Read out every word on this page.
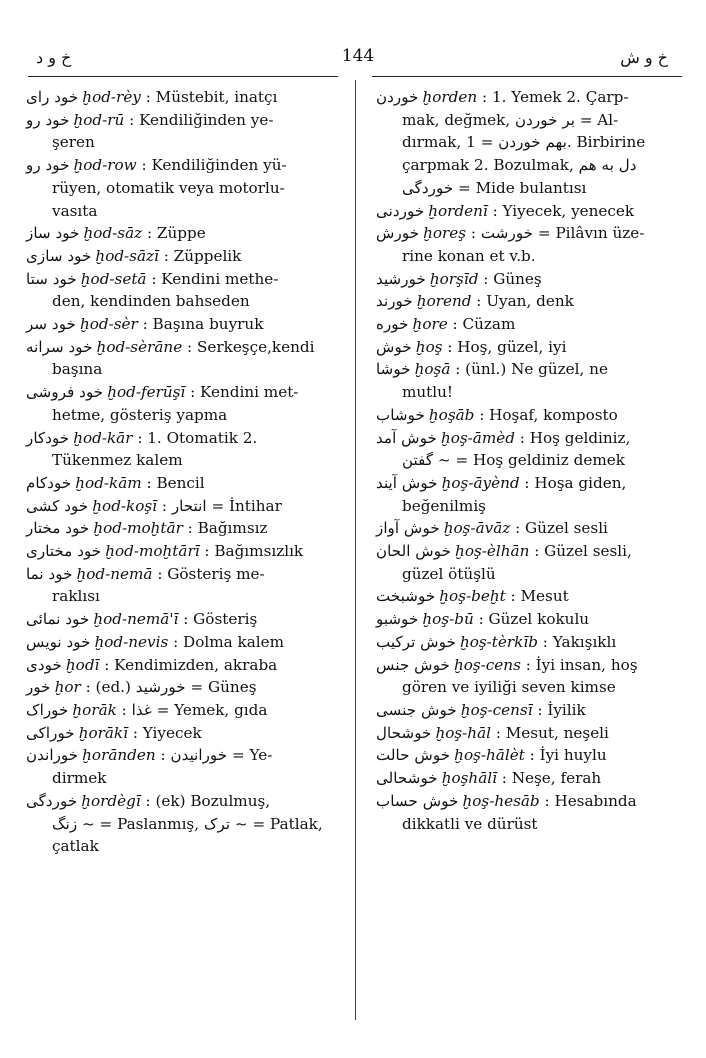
خ و د	144	خ و ش

خود رای ḫod-rèy : Müstebit, inatçı

خود رو ḫod-rū : Kendiliğinden ye-
şeren

خود رو ḫod-row : Kendiliğinden yü-
rüyen, otomatik veya motorlu- vasıta

خود ساز ḫod-sāz : Züppe

خود سازی ḫod-sāzī : Züppelik

خود ستا ḫod-setā : Kendini methe-
den, kendinden bahseden

خود سر ḫod-sèr : Başına buyruk

خود سرانه ḫod-sèrāne : Serkeşçe,kendi
başına

خود فروشی ḫod-ferūşī : Kendini met-
hetme, gösteriş yapma

خودکار ḫod-kār : 1. Otomatik 2.
Tükenmez kalem

خودکام ḫod-kām : Bencil

خود کشی ḫod-koşī : انتحار = İntihar

خود مختار ḫod-moḫtār : Bağımsız

خود مختاری ḫod-moḫtārī : Bağımsızlık

خود نما ḫod-nemā : Gösteriş me-
raklısı

خود نمائی ḫod-nemā'ī : Gösteriş

خود نویس ḫod-nevis : Dolma kalem

خودی ḫodī : Kendimizden, akraba

خور ḫor : (ed.) خورشید = Güneş

خوراک ḫorāk : غذا = Yemek, gıda

خوراکی ḫorākī : Yiyecek

خوراندن ḫorānden : خورانیدن = Ye-
dirmek

خوردگی ḫordègī : (ek) Bozulmuş,
زنگ ~ = Paslanmış, ترک ~ = Patlak, çatlak

خوردن ḫorden : 1. Yemek 2. Çarp-
mak, değmek, بر خوردن = Al- dırmak, بهم خوردن = 1. Birbirine çarpmak 2. Bozulmak, دل به هم خوردگی = Mide bulantısı

خوردنی ḫordenī : Yiyecek, yenecek

خورش ḫoreş : خورشت = Pilâvın üze-
rine konan et v.b.

خورشید ḫorşīd : Güneş

خورند ḫorend : Uyan, denk

خوره ḫore : Cüzam

خوش ḫoş : Hoş, güzel, iyi

خوشا ḫoşā : (ünl.) Ne güzel, ne
mutlu!

خوشاب ḫoşāb : Hoşaf, komposto

خوش آمد ḫoş-āmèd : Hoş geldiniz,
گفتن ~ = Hoş geldiniz demek

خوش آیند ḫoş-āyènd : Hoşa giden,
beğenilmiş

خوش آواز ḫoş-āvāz : Güzel sesli

خوش الحان ḫoş-èlhān : Güzel sesli,
güzel ötüşlü

خوشبخت ḫoş-beḫt : Mesut

خوشبو ḫoş-bū : Güzel kokulu

خوش ترکیب ḫoş-tèrkīb : Yakışıklı

خوش جنس ḫoş-cens : İyi insan, hoş
gören ve iyiliği seven kimse

خوش جنسی ḫoş-censī : İyilik

خوشحال ḫoş-hāl : Mesut, neşeli

خوش حالت ḫoş-hālèt : İyi huylu

خوشحالی ḫoşhālī : Neşe, ferah

خوش حساب ḫoş-hesāb : Hesabında
dikkatli ve dürüst
